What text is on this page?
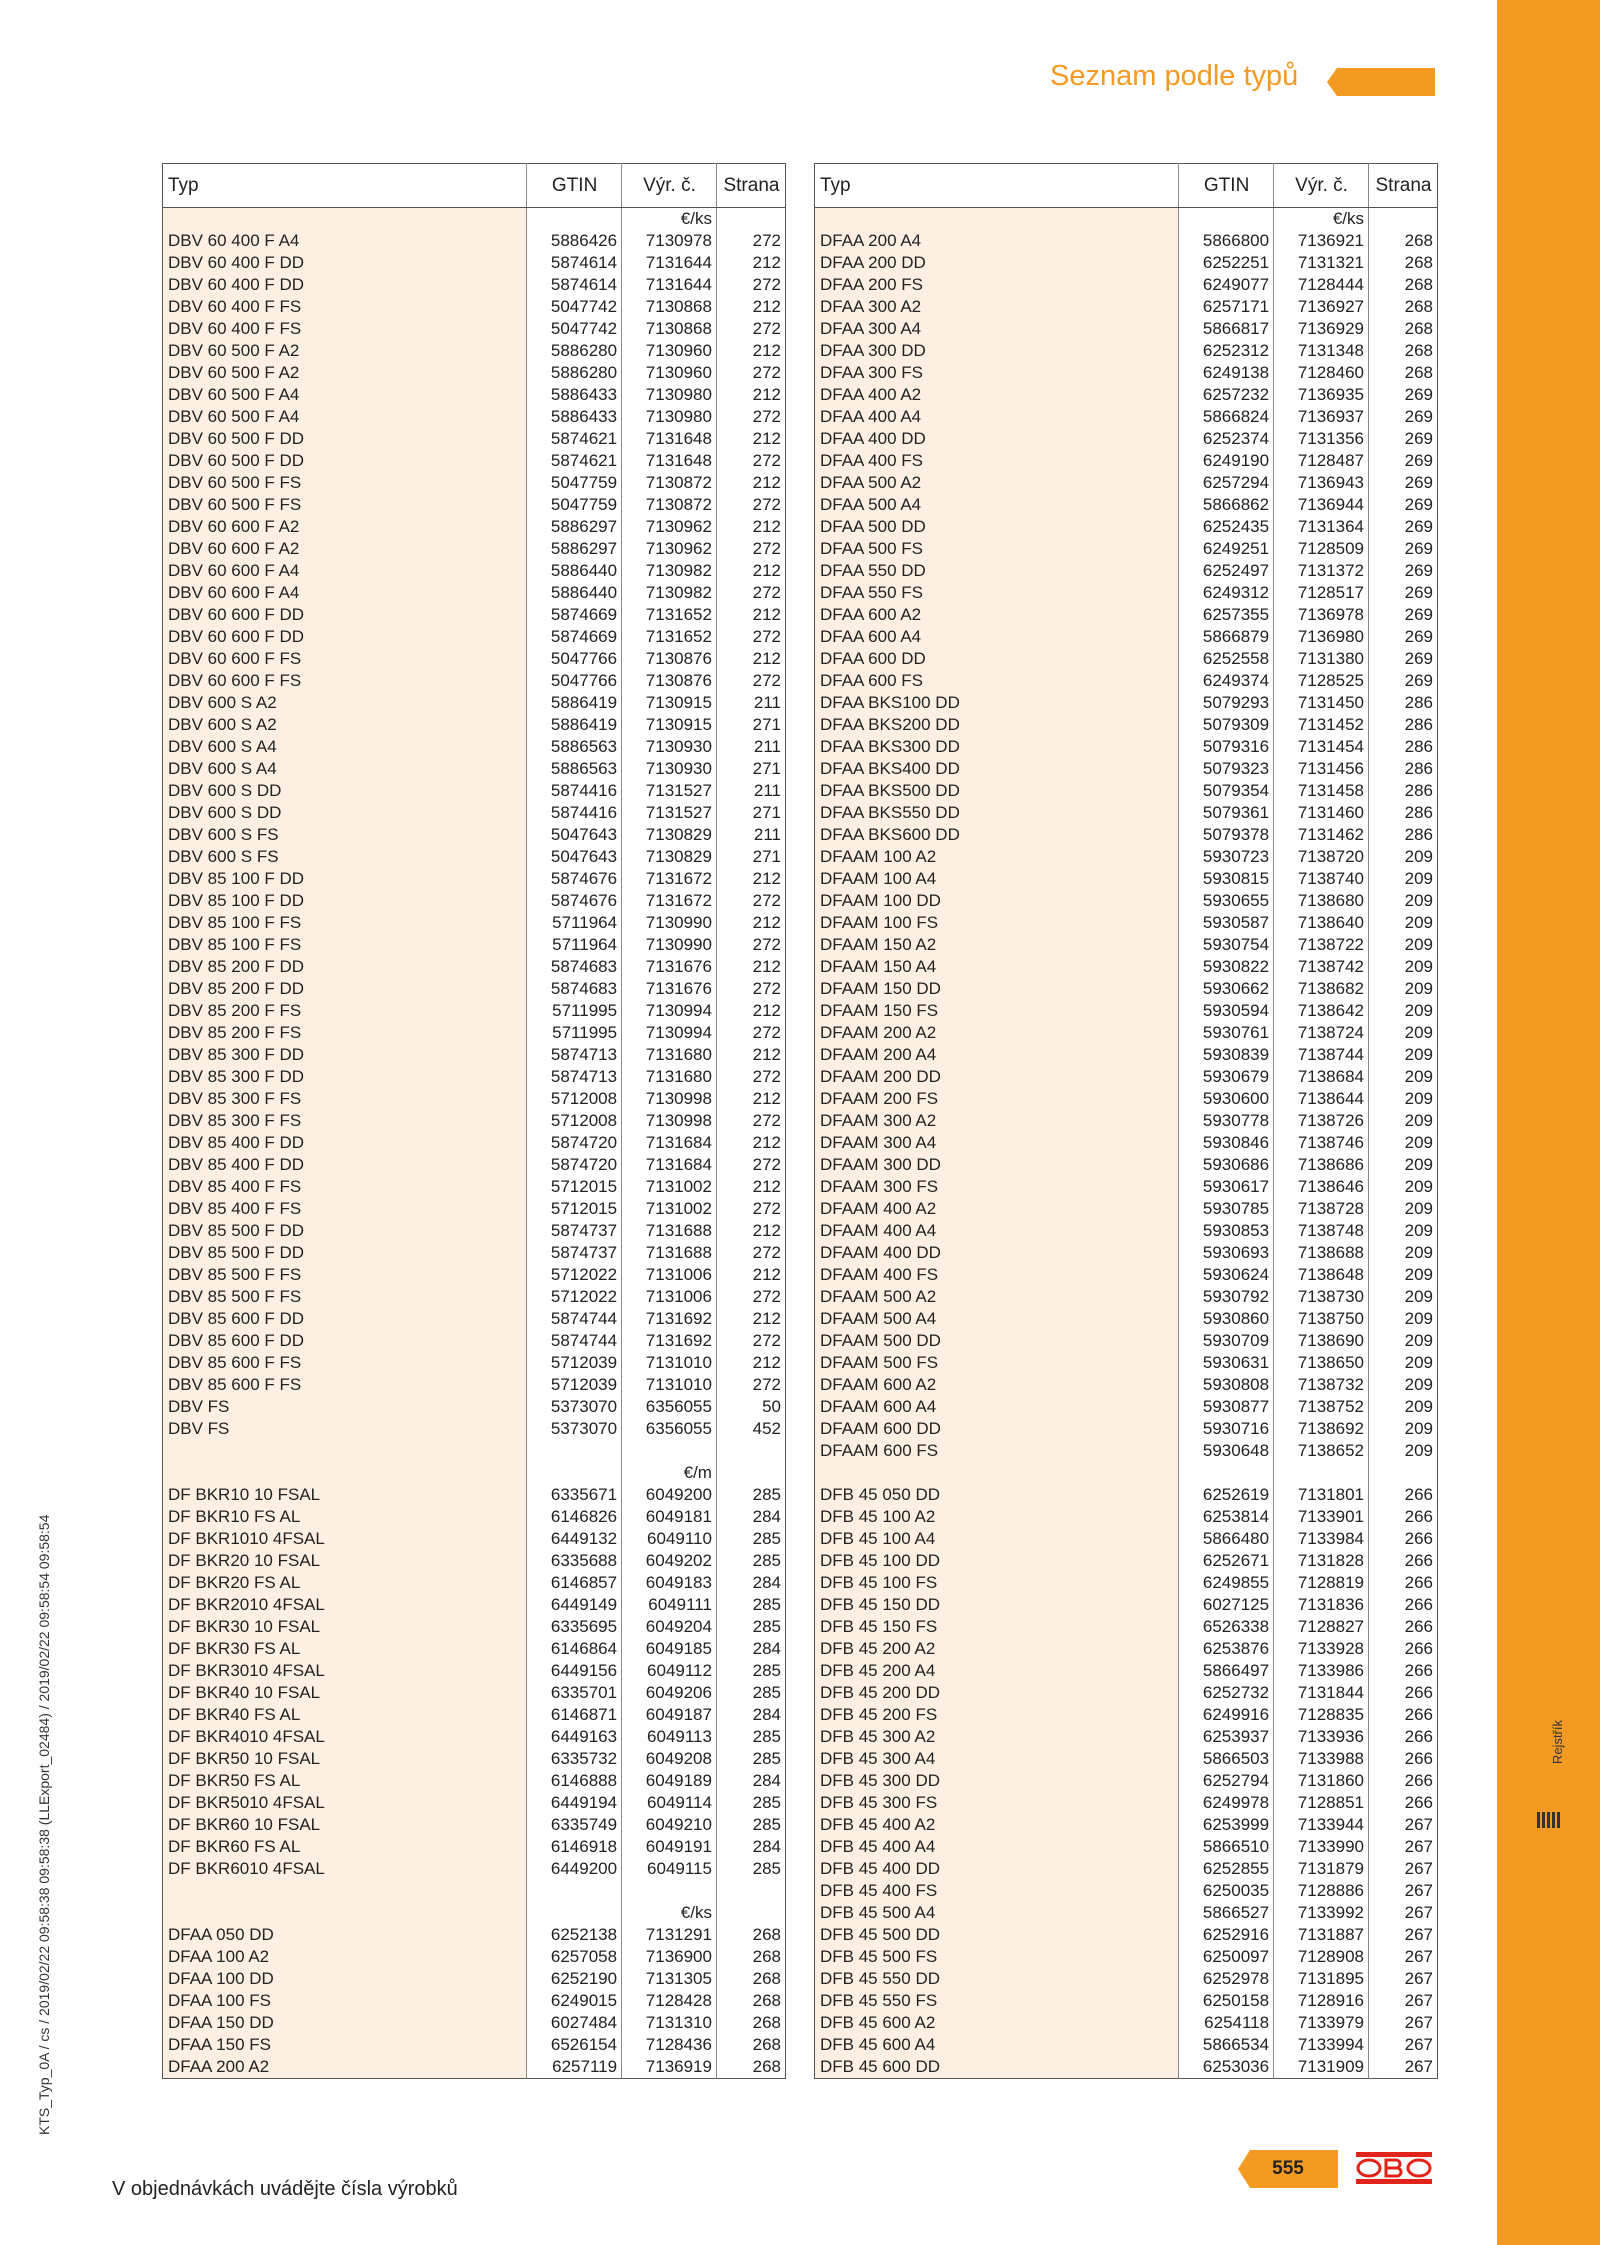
Rejstřík
Seznam podle typů
KTS_Typ_0A / cs / 2019/02/22 09:58:38 09:58:38 (LLExport_02484) / 2019/02/22 09:58:54 09:58:54
Typ	GTIN	Výr. č.	Strana
		€/ks	
DBV 60 400 F A4	5886426	7130978	272
DBV 60 400 F DD	5874614	7131644	212
DBV 60 400 F DD	5874614	7131644	272
DBV 60 400 F FS	5047742	7130868	212
DBV 60 400 F FS	5047742	7130868	272
DBV 60 500 F A2	5886280	7130960	212
DBV 60 500 F A2	5886280	7130960	272
DBV 60 500 F A4	5886433	7130980	212
DBV 60 500 F A4	5886433	7130980	272
DBV 60 500 F DD	5874621	7131648	212
DBV 60 500 F DD	5874621	7131648	272
DBV 60 500 F FS	5047759	7130872	212
DBV 60 500 F FS	5047759	7130872	272
DBV 60 600 F A2	5886297	7130962	212
DBV 60 600 F A2	5886297	7130962	272
DBV 60 600 F A4	5886440	7130982	212
DBV 60 600 F A4	5886440	7130982	272
DBV 60 600 F DD	5874669	7131652	212
DBV 60 600 F DD	5874669	7131652	272
DBV 60 600 F FS	5047766	7130876	212
DBV 60 600 F FS	5047766	7130876	272
DBV 600 S A2	5886419	7130915	211
DBV 600 S A2	5886419	7130915	271
DBV 600 S A4	5886563	7130930	211
DBV 600 S A4	5886563	7130930	271
DBV 600 S DD	5874416	7131527	211
DBV 600 S DD	5874416	7131527	271
DBV 600 S FS	5047643	7130829	211
DBV 600 S FS	5047643	7130829	271
DBV 85 100 F DD	5874676	7131672	212
DBV 85 100 F DD	5874676	7131672	272
DBV 85 100 F FS	5711964	7130990	212
DBV 85 100 F FS	5711964	7130990	272
DBV 85 200 F DD	5874683	7131676	212
DBV 85 200 F DD	5874683	7131676	272
DBV 85 200 F FS	5711995	7130994	212
DBV 85 200 F FS	5711995	7130994	272
DBV 85 300 F DD	5874713	7131680	212
DBV 85 300 F DD	5874713	7131680	272
DBV 85 300 F FS	5712008	7130998	212
DBV 85 300 F FS	5712008	7130998	272
DBV 85 400 F DD	5874720	7131684	212
DBV 85 400 F DD	5874720	7131684	272
DBV 85 400 F FS	5712015	7131002	212
DBV 85 400 F FS	5712015	7131002	272
DBV 85 500 F DD	5874737	7131688	212
DBV 85 500 F DD	5874737	7131688	272
DBV 85 500 F FS	5712022	7131006	212
DBV 85 500 F FS	5712022	7131006	272
DBV 85 600 F DD	5874744	7131692	212
DBV 85 600 F DD	5874744	7131692	272
DBV 85 600 F FS	5712039	7131010	212
DBV 85 600 F FS	5712039	7131010	272
DBV FS	5373070	6356055	50
DBV FS	5373070	6356055	452

		€/m	
DF BKR10 10 FSAL	6335671	6049200	285
DF BKR10 FS AL	6146826	6049181	284
DF BKR1010 4FSAL	6449132	6049110	285
DF BKR20 10 FSAL	6335688	6049202	285
DF BKR20 FS AL	6146857	6049183	284
DF BKR2010 4FSAL	6449149	6049111	285
DF BKR30 10 FSAL	6335695	6049204	285
DF BKR30 FS AL	6146864	6049185	284
DF BKR3010 4FSAL	6449156	6049112	285
DF BKR40 10 FSAL	6335701	6049206	285
DF BKR40 FS AL	6146871	6049187	284
DF BKR4010 4FSAL	6449163	6049113	285
DF BKR50 10 FSAL	6335732	6049208	285
DF BKR50 FS AL	6146888	6049189	284
DF BKR5010 4FSAL	6449194	6049114	285
DF BKR60 10 FSAL	6335749	6049210	285
DF BKR60 FS AL	6146918	6049191	284
DF BKR6010 4FSAL	6449200	6049115	285

		€/ks	
DFAA 050 DD	6252138	7131291	268
DFAA 100 A2	6257058	7136900	268
DFAA 100 DD	6252190	7131305	268
DFAA 100 FS	6249015	7128428	268
DFAA 150 DD	6027484	7131310	268
DFAA 150 FS	6526154	7128436	268
DFAA 200 A2	6257119	7136919	268
Typ	GTIN	Výr. č.	Strana
		€/ks	
DFAA 200 A4	5866800	7136921	268
DFAA 200 DD	6252251	7131321	268
DFAA 200 FS	6249077	7128444	268
DFAA 300 A2	6257171	7136927	268
DFAA 300 A4	5866817	7136929	268
DFAA 300 DD	6252312	7131348	268
DFAA 300 FS	6249138	7128460	268
DFAA 400 A2	6257232	7136935	269
DFAA 400 A4	5866824	7136937	269
DFAA 400 DD	6252374	7131356	269
DFAA 400 FS	6249190	7128487	269
DFAA 500 A2	6257294	7136943	269
DFAA 500 A4	5866862	7136944	269
DFAA 500 DD	6252435	7131364	269
DFAA 500 FS	6249251	7128509	269
DFAA 550 DD	6252497	7131372	269
DFAA 550 FS	6249312	7128517	269
DFAA 600 A2	6257355	7136978	269
DFAA 600 A4	5866879	7136980	269
DFAA 600 DD	6252558	7131380	269
DFAA 600 FS	6249374	7128525	269
DFAA BKS100 DD	5079293	7131450	286
DFAA BKS200 DD	5079309	7131452	286
DFAA BKS300 DD	5079316	7131454	286
DFAA BKS400 DD	5079323	7131456	286
DFAA BKS500 DD	5079354	7131458	286
DFAA BKS550 DD	5079361	7131460	286
DFAA BKS600 DD	5079378	7131462	286
DFAAM 100 A2	5930723	7138720	209
DFAAM 100 A4	5930815	7138740	209
DFAAM 100 DD	5930655	7138680	209
DFAAM 100 FS	5930587	7138640	209
DFAAM 150 A2	5930754	7138722	209
DFAAM 150 A4	5930822	7138742	209
DFAAM 150 DD	5930662	7138682	209
DFAAM 150 FS	5930594	7138642	209
DFAAM 200 A2	5930761	7138724	209
DFAAM 200 A4	5930839	7138744	209
DFAAM 200 DD	5930679	7138684	209
DFAAM 200 FS	5930600	7138644	209
DFAAM 300 A2	5930778	7138726	209
DFAAM 300 A4	5930846	7138746	209
DFAAM 300 DD	5930686	7138686	209
DFAAM 300 FS	5930617	7138646	209
DFAAM 400 A2	5930785	7138728	209
DFAAM 400 A4	5930853	7138748	209
DFAAM 400 DD	5930693	7138688	209
DFAAM 400 FS	5930624	7138648	209
DFAAM 500 A2	5930792	7138730	209
DFAAM 500 A4	5930860	7138750	209
DFAAM 500 DD	5930709	7138690	209
DFAAM 500 FS	5930631	7138650	209
DFAAM 600 A2	5930808	7138732	209
DFAAM 600 A4	5930877	7138752	209
DFAAM 600 DD	5930716	7138692	209
DFAAM 600 FS	5930648	7138652	209

DFB 45 050 DD	6252619	7131801	266
DFB 45 100 A2	6253814	7133901	266
DFB 45 100 A4	5866480	7133984	266
DFB 45 100 DD	6252671	7131828	266
DFB 45 100 FS	6249855	7128819	266
DFB 45 150 DD	6027125	7131836	266
DFB 45 150 FS	6526338	7128827	266
DFB 45 200 A2	6253876	7133928	266
DFB 45 200 A4	5866497	7133986	266
DFB 45 200 DD	6252732	7131844	266
DFB 45 200 FS	6249916	7128835	266
DFB 45 300 A2	6253937	7133936	266
DFB 45 300 A4	5866503	7133988	266
DFB 45 300 DD	6252794	7131860	266
DFB 45 300 FS	6249978	7128851	266
DFB 45 400 A2	6253999	7133944	267
DFB 45 400 A4	5866510	7133990	267
DFB 45 400 DD	6252855	7131879	267
DFB 45 400 FS	6250035	7128886	267
DFB 45 500 A4	5866527	7133992	267
DFB 45 500 DD	6252916	7131887	267
DFB 45 500 FS	6250097	7128908	267
DFB 45 550 DD	6252978	7131895	267
DFB 45 550 FS	6250158	7128916	267
DFB 45 600 A2	6254118	7133979	267
DFB 45 600 A4	5866534	7133994	267
DFB 45 600 DD	6253036	7131909	267
V objednávkách uvádějte čísla výrobků
555
